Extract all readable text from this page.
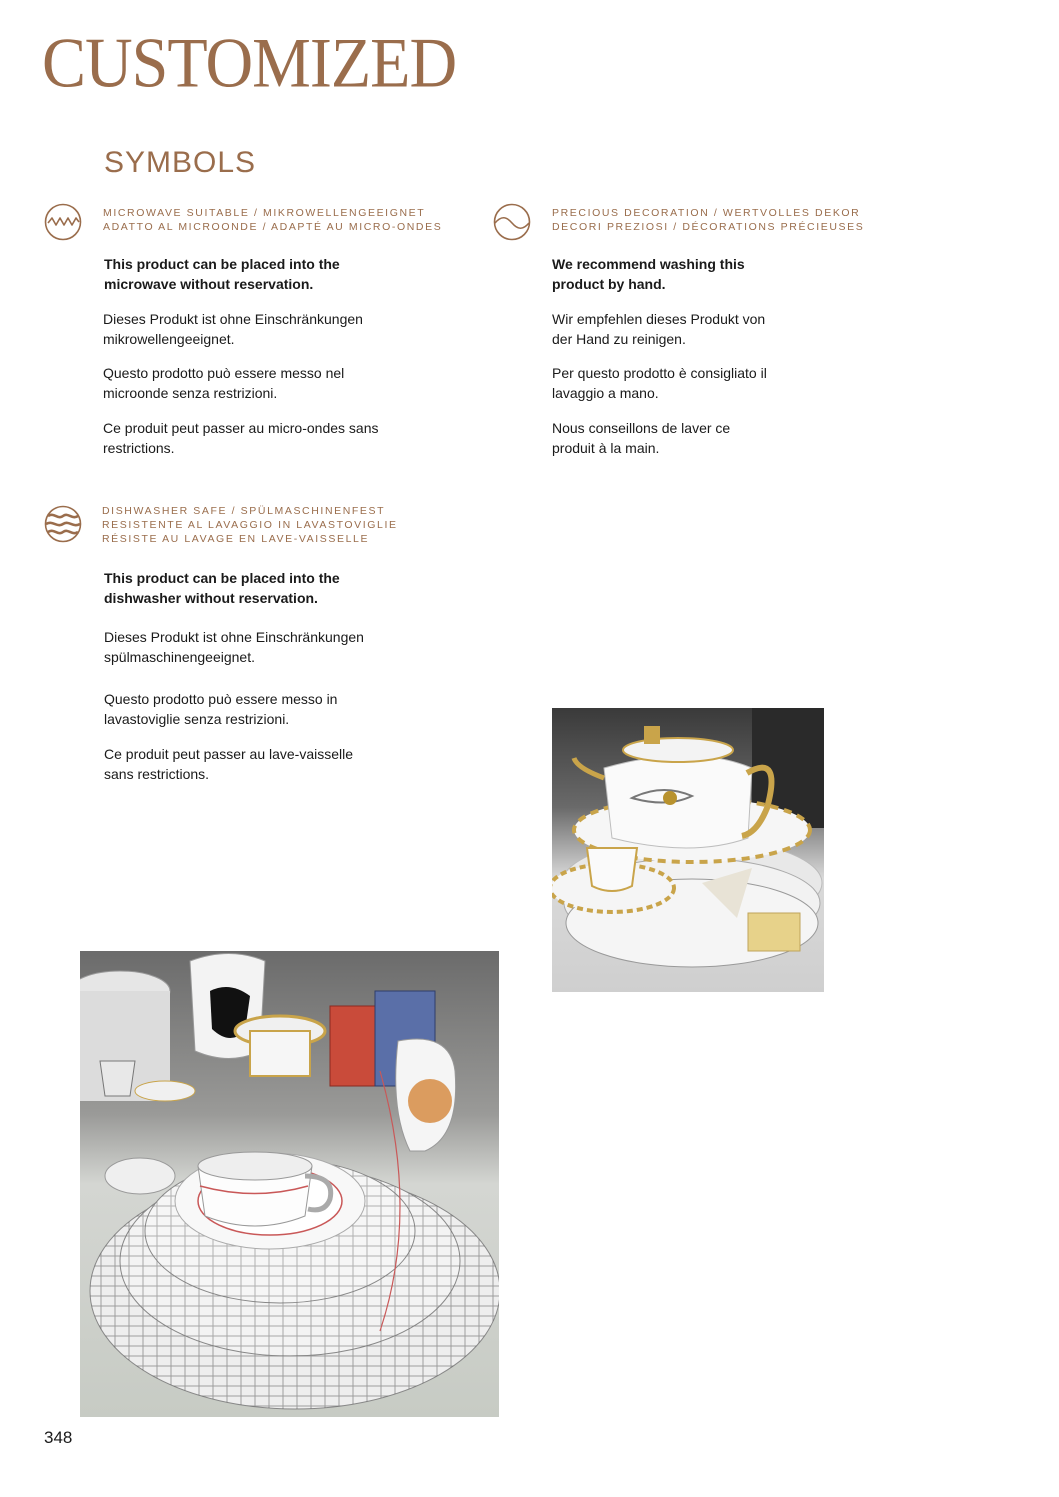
CUSTOMIZED
SYMBOLS
MICROWAVE SUITABLE / MIKROWELLENGEEIGNET
ADATTO AL MICROONDE / ADAPTÉ AU MICRO-ONDES
This product can be placed into the microwave without reservation.
Dieses Produkt ist ohne Einschränkungen mikrowellengeeignet.
Questo prodotto può essere messo nel microonde senza restrizioni.
Ce produit peut passer au micro-ondes sans restrictions.
PRECIOUS DECORATION / WERTVOLLES DEKOR
DECORI PREZIOSI / DÉCORATIONS PRÉCIEUSES
We recommend washing this product by hand.
Wir empfehlen dieses Produkt von der Hand zu reinigen.
Per questo prodotto è consigliato il lavaggio a mano.
Nous conseillons de laver ce produit à la main.
DISHWASHER SAFE / SPÜLMASCHINENFEST
RESISTENTE AL LAVAGGIO IN LAVASTOVIGLIE
RÉSISTE AU LAVAGE EN LAVE-VAISSELLE
This product can be placed into the dishwasher without reservation.
Dieses Produkt ist ohne Einschränkungen spülmaschinengeeignet.
Questo prodotto può essere messo in lavastoviglie senza restrizioni.
Ce produit peut passer au lave-vaisselle sans restrictions.
348
